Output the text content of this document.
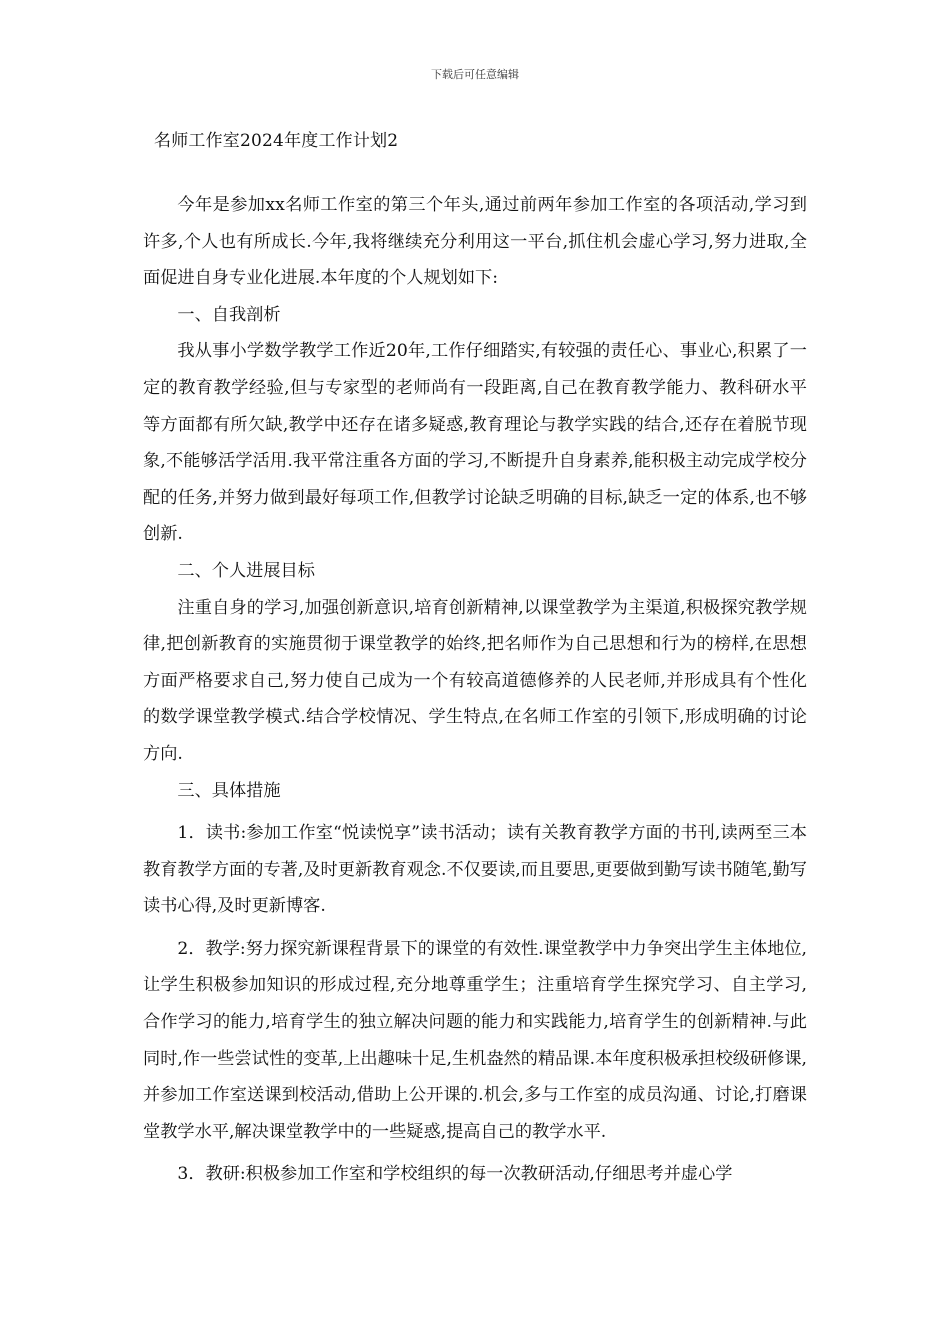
下载后可任意编辑
名师工作室2024年度工作计划2

今年是参加xx名师工作室的第三个年头,通过前两年参加工作室的各项活动,学习到许多,个人也有所成长.今年,我将继续充分利用这一平台,抓住机会虚心学习,努力进取,全面促进自身专业化进展.本年度的个人规划如下:

一、自我剖析

我从事小学数学教学工作近20年,工作仔细踏实,有较强的责任心、事业心,积累了一定的教育教学经验,但与专家型的老师尚有一段距离,自己在教育教学能力、教科研水平等方面都有所欠缺,教学中还存在诸多疑惑,教育理论与教学实践的结合,还存在着脱节现象,不能够活学活用.我平常注重各方面的学习,不断提升自身素养,能积极主动完成学校分配的任务,并努力做到最好每项工作,但教学讨论缺乏明确的目标,缺乏一定的体系,也不够创新.

二、个人进展目标

注重自身的学习,加强创新意识,培育创新精神,以课堂教学为主渠道,积极探究教学规律,把创新教育的实施贯彻于课堂教学的始终,把名师作为自己思想和行为的榜样,在思想方面严格要求自己,努力使自己成为一个有较高道德修养的人民老师,并形成具有个性化的数学课堂教学模式.结合学校情况、学生特点,在名师工作室的引领下,形成明确的讨论方向.

三、具体措施

1．读书:参加工作室“悦读悦享”读书活动；读有关教育教学方面的书刊,读两至三本教育教学方面的专著,及时更新教育观念.不仅要读,而且要思,更要做到勤写读书随笔,勤写读书心得,及时更新博客.

2．教学:努力探究新课程背景下的课堂的有效性.课堂教学中力争突出学生主体地位,让学生积极参加知识的形成过程,充分地尊重学生；注重培育学生探究学习、自主学习,合作学习的能力,培育学生的独立解决问题的能力和实践能力,培育学生的创新精神.与此同时,作一些尝试性的变革,上出趣味十足,生机盎然的精品课.本年度积极承担校级研修课,并参加工作室送课到校活动,借助上公开课的.机会,多与工作室的成员沟通、讨论,打磨课堂教学水平,解决课堂教学中的一些疑惑,提高自己的教学水平.

3．教研:积极参加工作室和学校组织的每一次教研活动,仔细思考并虚心学
